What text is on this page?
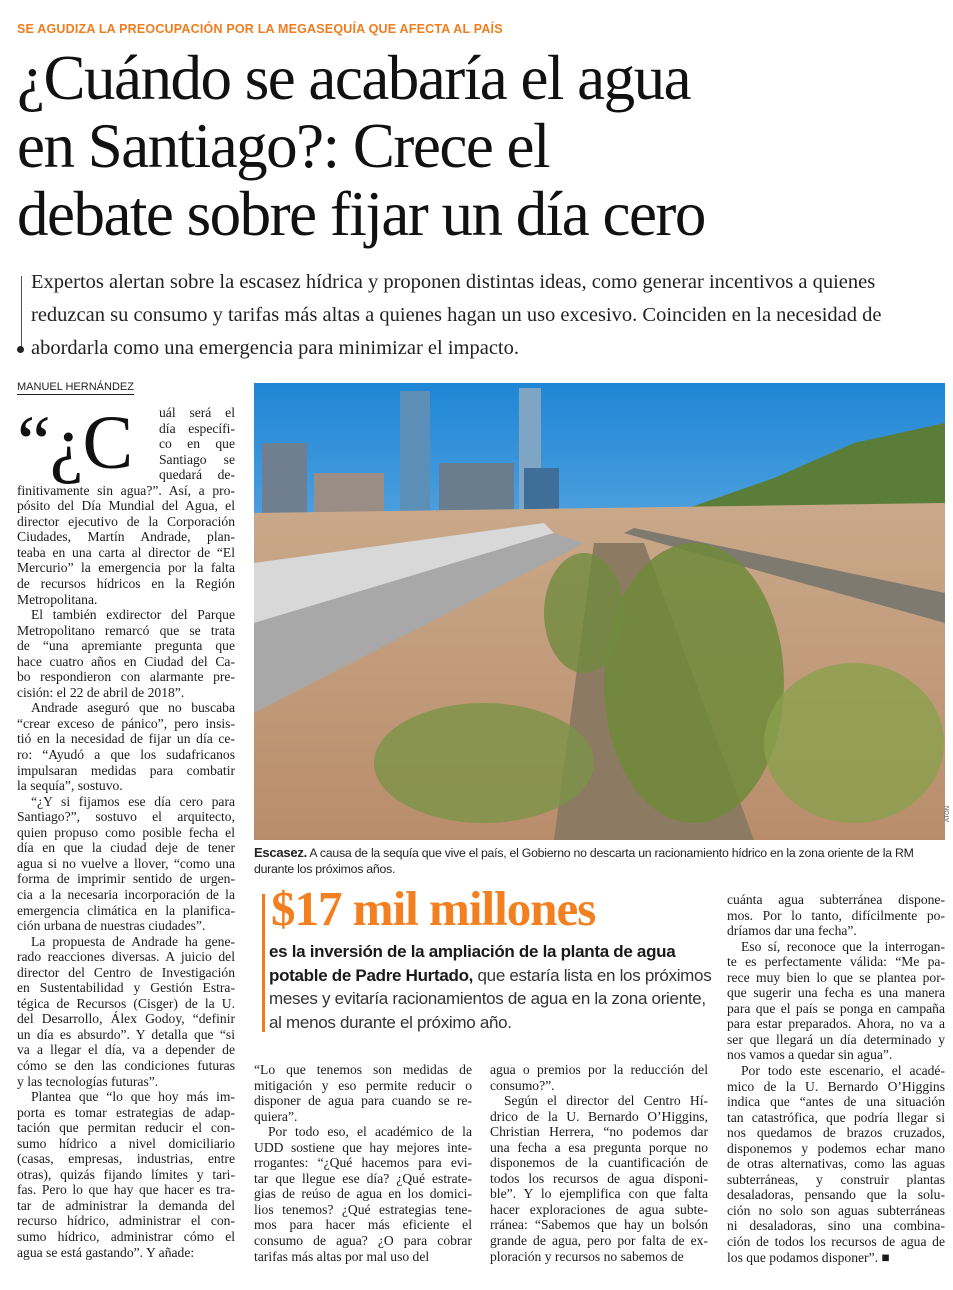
SE AGUDIZA LA PREOCUPACIÓN POR LA MEGASEQUÍA QUE AFECTA AL PAÍS
¿Cuándo se acabaría el agua
en Santiago?: Crece el
debate sobre fijar un día cero
Expertos alertan sobre la escasez hídrica y proponen distintas ideas, como generar incentivos a quienes reduzcan su consumo y tarifas más altas a quienes hagan un uso excesivo. Coinciden en la necesidad de abordarla como una emergencia para minimizar el impacto.
MANUEL HERNÁNDEZ
“¿C uál será el
día específi-
co en que
Santiago se
quedará de-
finitivamente sin agua?”. Así, a pro-
pósito del Día Mundial del Agua, el
director ejecutivo de la Corporación
Ciudades, Martín Andrade, plan-
teaba en una carta al director de “El
Mercurio” la emergencia por la falta
de recursos hídricos en la Región
Metropolitana.
El también exdirector del Parque
Metropolitano remarcó que se trata
de “una apremiante pregunta que
hace cuatro años en Ciudad del Ca-
bo respondieron con alarmante pre-
cisión: el 22 de abril de 2018”.
Andrade aseguró que no buscaba
“crear exceso de pánico”, pero insis-
tió en la necesidad de fijar un día ce-
ro: “Ayudó a que los sudafricanos
impulsaran medidas para combatir
la sequía”, sostuvo.
“¿Y si fijamos ese día cero para
Santiago?”, sostuvo el arquitecto,
quien propuso como posible fecha el
día en que la ciudad deje de tener
agua si no vuelve a llover, “como una
forma de imprimir sentido de urgen-
cia a la necesaria incorporación de la
emergencia climática en la planifica-
ción urbana de nuestras ciudades”.
La propuesta de Andrade ha gene-
rado reacciones diversas. A juicio del
director del Centro de Investigación
en Sustentabilidad y Gestión Estra-
tégica de Recursos (Cisger) de la U.
del Desarrollo, Álex Godoy, “definir
un día es absurdo”. Y detalla que “si
va a llegar el día, va a depender de
cómo se den las condiciones futuras
y las tecnologías futuras”.
Plantea que “lo que hoy más im-
porta es tomar estrategias de adap-
tación que permitan reducir el con-
sumo hídrico a nivel domiciliario
(casas, empresas, industrias, entre
otras), quizás fijando límites y tari-
fas. Pero lo que hay que hacer es tra-
tar de administrar la demanda del
recurso hídrico, administrar el con-
sumo hídrico, administrar cómo el
agua se está gastando”. Y añade:
“Lo que tenemos son medidas de
mitigación y eso permite reducir o
disponer de agua para cuando se re-
quiera”.
Por todo eso, el académico de la
UDD sostiene que hay mejores inte-
rrogantes: “¿Qué hacemos para evi-
tar que llegue ese día? ¿Qué estrate-
gias de reúso de agua en los domici-
lios tenemos? ¿Qué estrategias tene-
mos para hacer más eficiente el
consumo de agua? ¿O para cobrar
tarifas más altas por mal uso del
agua o premios por la reducción del
consumo?”.
Según el director del Centro Hí-
drico de la U. Bernardo O’Higgins,
Christian Herrera, “no podemos dar
una fecha a esa pregunta porque no
disponemos de la cuantificación de
todos los recursos de agua disponi-
ble”. Y lo ejemplifica con que falta
hacer exploraciones de agua subte-
rránea: “Sabemos que hay un bolsón
grande de agua, pero por falta de ex-
ploración y recursos no sabemos de
cuánta agua subterránea dispone-
mos. Por lo tanto, difícilmente po-
dríamos dar una fecha”.
Eso sí, reconoce que la interrogan-
te es perfectamente válida: “Me pa-
rece muy bien lo que se plantea por-
que sugerir una fecha es una manera
para que el país se ponga en campaña
para estar preparados. Ahora, no va a
ser que llegará un día determinado y
nos vamos a quedar sin agua”.
Por todo este escenario, el acadé-
mico de la U. Bernardo O’Higgins
indica que “antes de una situación
tan catastrófica, que podría llegar si
nos quedamos de brazos cruzados,
disponemos y podemos echar mano
de otras alternativas, como las aguas
subterráneas, y construir plantas
desaladoras, pensando que la solu-
ción no solo son aguas subterráneas
ni desaladoras, sino una combina-
ción de todos los recursos de agua de
los que podamos disponer”. ■
ATON
Escasez. A causa de la sequía que vive el país, el Gobierno no descarta un racionamiento hídrico en la zona oriente de la RM durante los próximos años.
$17 mil millones
es la inversión de la ampliación de la planta de agua potable de Padre Hurtado, que estaría lista en los próximos meses y evitaría racionamientos de agua en la zona oriente, al menos durante el próximo año.
